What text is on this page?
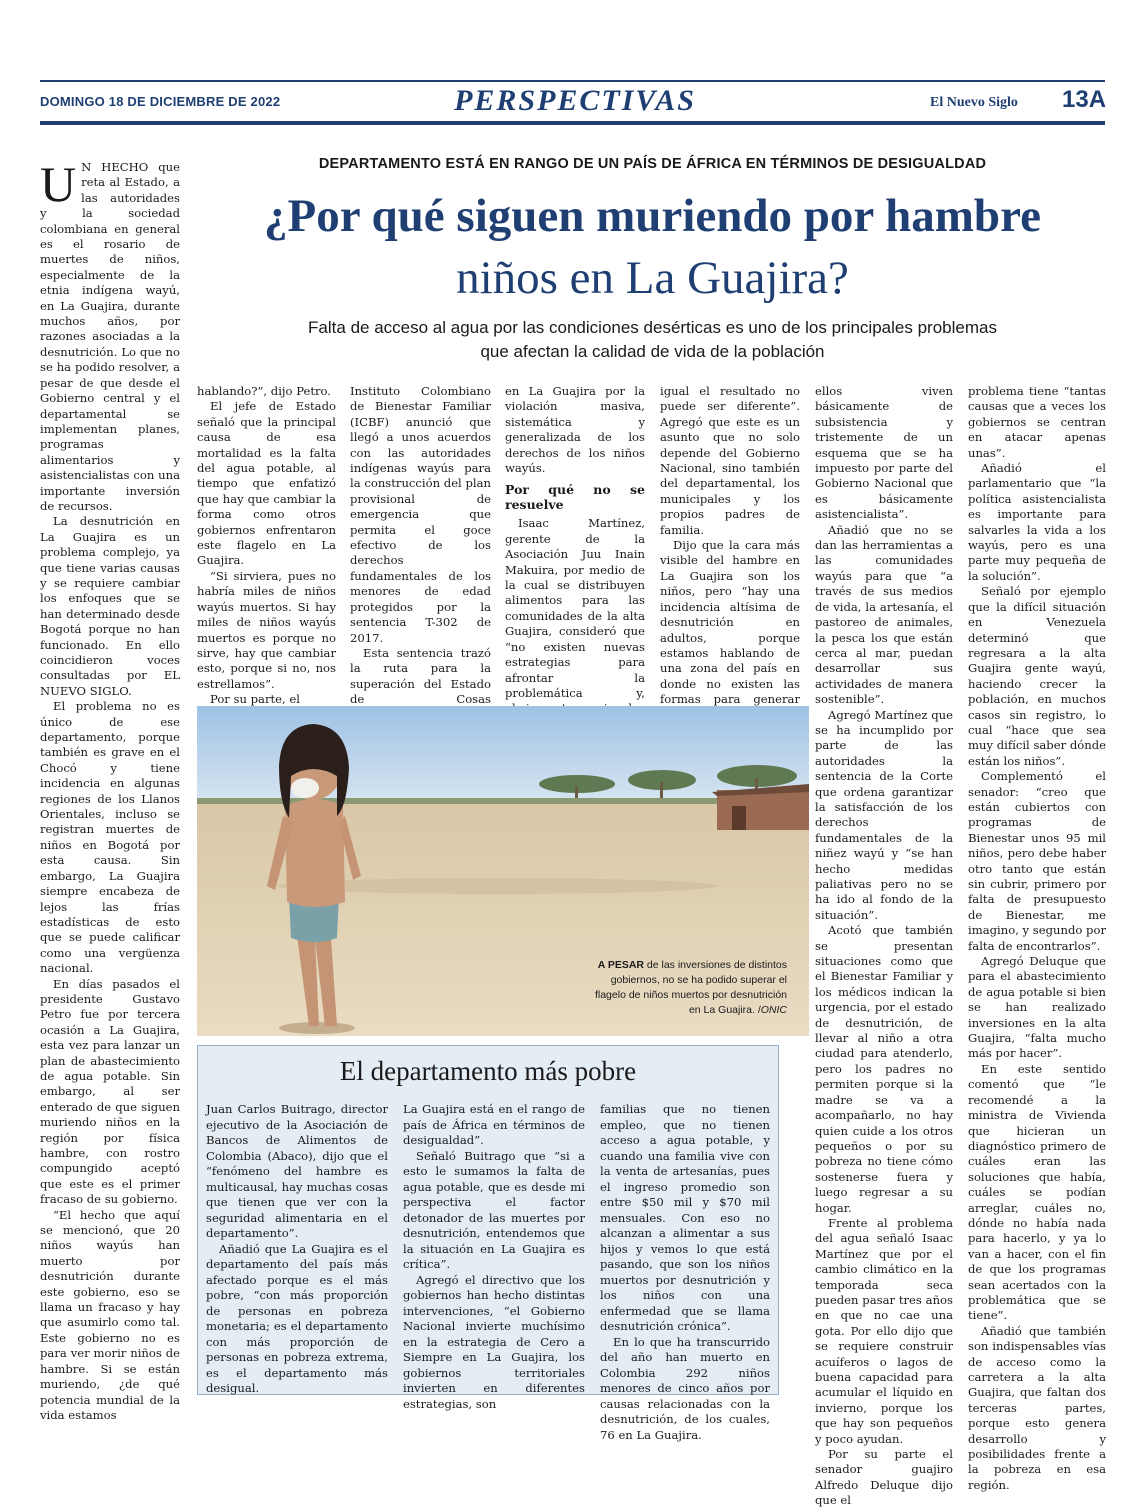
DOMINGO 18 DE DICIEMBRE DE 2022	PERSPECTIVAS	El Nuevo Siglo 13A
DEPARTAMENTO ESTÁ EN RANGO DE UN PAÍS DE ÁFRICA EN TÉRMINOS DE DESIGUALDAD
¿Por qué siguen muriendo por hambre
niños en La Guajira?
Falta de acceso al agua por las condiciones desérticas es uno de los principales problemas
que afectan la calidad de vida de la población
U N HECHO que reta al Estado, a las autoridades y la sociedad colombiana en general es el rosario de muertes de niños, especialmente de la etnia indígena wayú, en La Guajira, durante muchos años, por razones asociadas a la desnutrición. Lo que no se ha podido resolver, a pesar de que desde el Gobierno central y el departamental se implementan planes, programas alimentarios y asistencialistas con una importante inversión de recursos.

La desnutrición en La Guajira es un problema complejo, ya que tiene varias causas y se requiere cambiar los enfoques que se han determinado desde Bogotá porque no han funcionado. En ello coincidieron voces consultadas por EL NUEVO SIGLO.

El problema no es único de ese departamento, porque también es grave en el Chocó y tiene incidencia en algunas regiones de los Llanos Orientales, incluso se registran muertes de niños en Bogotá por esta causa. Sin embargo, La Guajira siempre encabeza de lejos las frías estadísticas de esto que se puede calificar como una vergüenza nacional.

En días pasados el presidente Gustavo Petro fue por tercera ocasión a La Guajira, esta vez para lanzar un plan de abastecimiento de agua potable. Sin embargo, al ser enterado de que siguen muriendo niños en la región por física hambre, con rostro compungido aceptó que este es el primer fracaso de su gobierno.

“El hecho que aquí se mencionó, que 20 niños wayús han muerto por desnutrición durante este gobierno, eso se llama un fracaso y hay que asumirlo como tal. Este gobierno no es para ver morir niños de hambre. Si se están muriendo, ¿de qué potencia mundial de la vida estamos

hablando?”, dijo Petro.

El jefe de Estado señaló que la principal causa de esa mortalidad es la falta del agua potable, al tiempo que enfatizó que hay que cambiar la forma como otros gobiernos enfrentaron este flagelo en La Guajira.

“Si sirviera, pues no habría miles de niños wayús muertos. Si hay miles de niños wayús muertos es porque no sirve, hay que cambiar esto, porque si no, nos estrellamos”.

Por su parte, el

Instituto Colombiano de Bienestar Familiar (ICBF) anunció que llegó a unos acuerdos con las autoridades indígenas wayús para la construcción del plan provisional de emergencia que permita el goce efectivo de los derechos fundamentales de los menores de edad protegidos por la sentencia T-302 de 2017.

Esta sentencia trazó la ruta para la superación del Estado de Cosas

en La Guajira por la violación masiva, sistemática y generalizada de los derechos de los niños wayús.

Por qué no se resuelve

Isaac Martínez, gerente de la Asociación Juu Inain Makuira, por medio de la cual se distribuyen alimentos para las comunidades de la alta Guajira, consideró que “no existen nuevas estrategias para afrontar la problemática y,

igual el resultado no puede ser diferente”. Agregó que este es un asunto que no solo depende del Gobierno Nacional, sino también del departamental, los municipales y los propios padres de familia.

Dijo que la cara más visible del hambre en La Guajira son los niños, pero “hay una incidencia altísima de desnutrición en adultos, porque estamos hablando de una zona del país en donde no existen las formas para generar

ellos viven básicamente de subsistencia y tristemente de un esquema que se ha impuesto por parte del Gobierno Nacional que es básicamente asistencialista”.

Añadió que no se dan las herramientas a las comunidades wayús para que “a través de sus medios de vida, la artesanía, el pastoreo de animales, la pesca los que están cerca al mar, puedan desarrollar sus actividades de manera sostenible”.

Agregó Martínez que se ha incumplido por parte de las autoridades la sentencia de la Corte que ordena garantizar la satisfacción de los derechos fundamentales de la niñez wayú y “se han hecho medidas paliativas pero no se ha ido al fondo de la situación”.

Acotó que también se presentan situaciones como que el Bienestar Familiar y los médicos indican la urgencia, por el estado de desnutrición, de llevar al niño a otra ciudad para atenderlo, pero los padres no permiten porque si la madre se va a acompañarlo, no hay quien cuide a los otros pequeños o por su pobreza no tiene cómo sostenerse fuera y luego regresar a su hogar.

Frente al problema del agua señaló Isaac Martínez que por el cambio climático en la temporada seca pueden pasar tres años en que no cae una gota. Por ello dijo que se requiere construir acuíferos o lagos de buena capacidad para acumular el líquido en invierno, porque los que hay son pequeños y poco ayudan.

Por su parte el senador guajiro Alfredo Deluque dijo que el

problema tiene “tantas causas que a veces los gobiernos se centran en atacar apenas unas”.

Añadió el parlamentario que “la política asistencialista es importante para salvarles la vida a los wayús, pero es una parte muy pequeña de la solución”.

Señaló por ejemplo que la difícil situación en Venezuela determinó que regresara a la alta Guajira gente wayú, haciendo crecer la población, en muchos casos sin registro, lo cual “hace que sea muy difícil saber dónde están los niños”.

Complementó el senador: “creo que están cubiertos con programas de Bienestar unos 95 mil niños, pero debe haber otro tanto que están sin cubrir, primero por falta de presupuesto de Bienestar, me imagino, y segundo por falta de encontrarlos”.

Agregó Deluque que para el abastecimiento de agua potable si bien se han realizado inversiones en la alta Guajira, “falta mucho más por hacer”.

En este sentido comentó que “le recomendé a la ministra de Vivienda que hicieran un diagnóstico primero de cuáles eran las soluciones que había, cuáles se podían arreglar, cuáles no, dónde no había nada para hacerlo, y ya lo van a hacer, con el fin de que los programas sean acertados con la problemática que se tiene”.

Añadió que también son indispensables vías de acceso como la carretera a la alta Guajira, que faltan dos terceras partes, porque esto genera desarrollo y posibilidades frente a la pobreza en esa región.

A PESAR de las inversiones de distintos gobiernos, no se ha podido superar el flagelo de niños muertos por desnutrición en La Guajira. /ONIC
El departamento más pobre

Juan Carlos Buitrago, director ejecutivo de la Asociación de Bancos de Alimentos de Colombia (Abaco), dijo que el “fenómeno del hambre es multicausal, hay muchas cosas que tienen que ver con la seguridad alimentaria en el departamento”.

Añadió que La Guajira es el departamento del país más afectado porque es el más pobre, “con más proporción de personas en pobreza monetaria; es el departamento con más proporción de personas en pobreza extrema, es el departamento más desigual.

La Guajira está en el rango de país de África en términos de desigualdad”.

Señaló Buitrago que “si a esto le sumamos la falta de agua potable, que es desde mi perspectiva el factor detonador de las muertes por desnutrición, entendemos que la situación en La Guajira es crítica”.

Agregó el directivo que los gobiernos han hecho distintas intervenciones, “el Gobierno Nacional invierte muchísimo en la estrategia de Cero a Siempre en La Guajira, los gobiernos territoriales invierten en diferentes estrategias, son

familias que no tienen empleo, que no tienen acceso a agua potable, y cuando una familia vive con la venta de artesanías, pues el ingreso promedio son entre $50 mil y $70 mil mensuales. Con eso no alcanzan a alimentar a sus hijos y vemos lo que está pasando, que son los niños muertos por desnutrición y los niños con una enfermedad que se llama desnutrición crónica”.

En lo que ha transcurrido del año han muerto en Colombia 292 niños menores de cinco años por causas relacionadas con la desnutrición, de los cuales, 76 en La Guajira.
